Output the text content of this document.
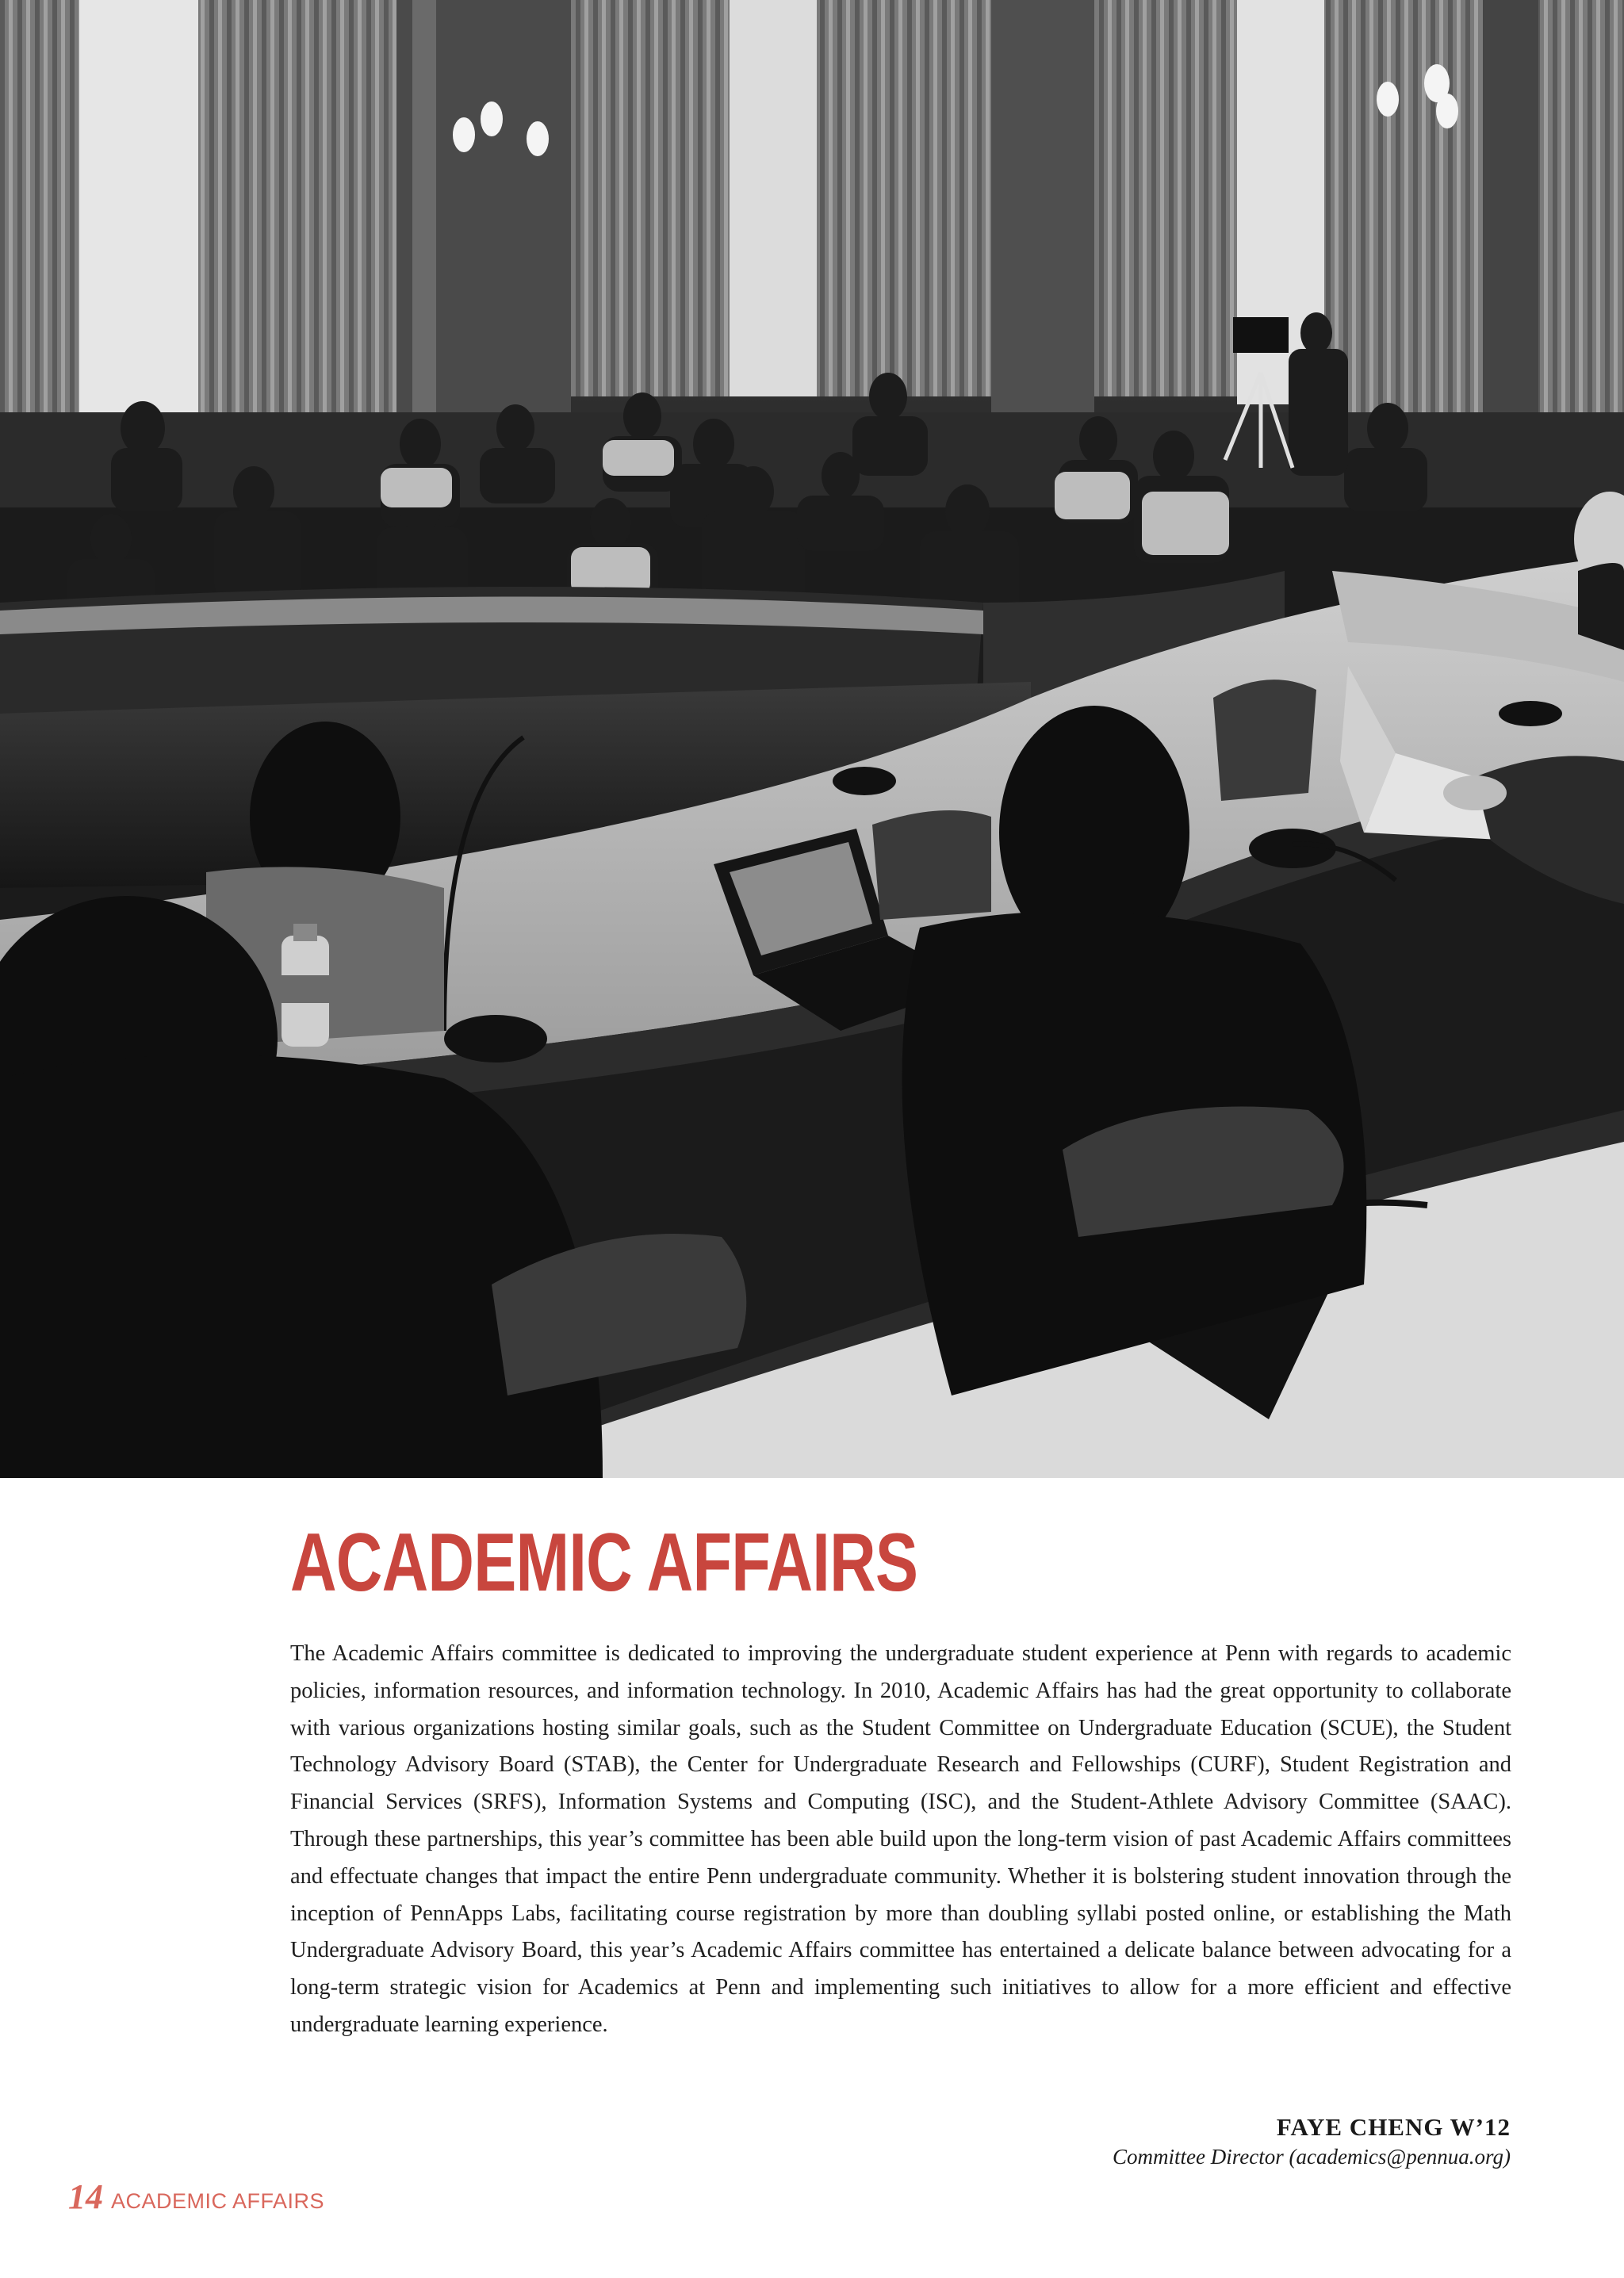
ACADEMIC AFFAIRS

The Academic Affairs committee is dedicated to improving the undergraduate student experience at Penn with regards to academic policies, information resources, and information technology. In 2010, Academic Affairs has had the great opportunity to collaborate with various organizations hosting similar goals, such as the Student Committee on Undergraduate Education (SCUE), the Student Technology Advisory Board (STAB), the Center for Undergraduate Research and Fellowships (CURF), Student Registration and Financial Services (SRFS), Information Systems and Computing (ISC), and the Student-Athlete Advisory Committee (SAAC). Through these partnerships, this year’s committee has been able build upon the long-term vision of past Academic Affairs committees and effectuate changes that impact the entire Penn undergraduate community. Whether it is bolstering student innovation through the inception of PennApps Labs, facilitating course registration by more than doubling syllabi posted online, or establishing the Math Undergraduate Advisory Board, this year’s Academic Affairs committee has entertained a delicate balance between advocating for a long-term strategic vision for Academics at Penn and implementing such initiatives to allow for a more efficient and effective undergraduate learning experience.

FAYE CHENG W’12

Committee Director (academics@pennua.org)

14 ACADEMIC AFFAIRS
